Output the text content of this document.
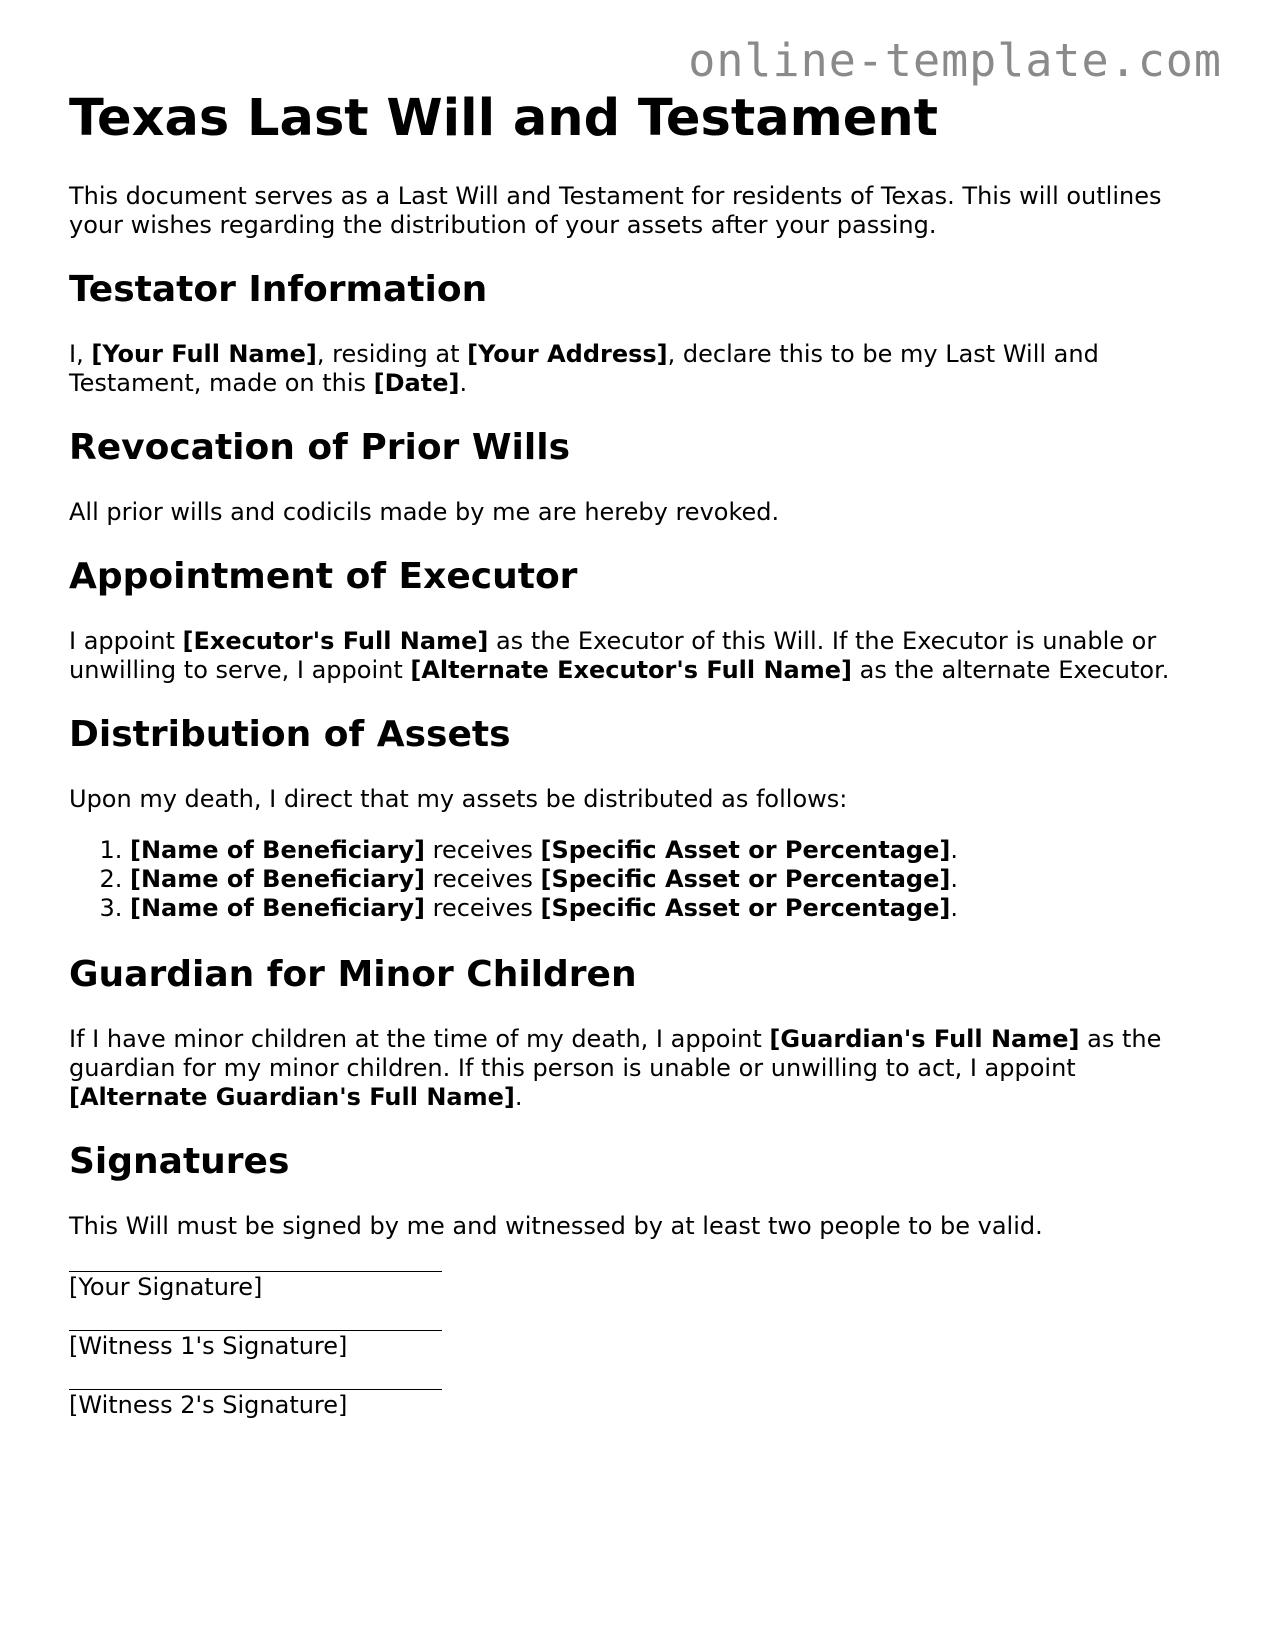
online-template.com
Texas Last Will and Testament

This document serves as a Last Will and Testament for residents of Texas. This will outlines your wishes regarding the distribution of your assets after your passing.

Testator Information

I, [Your Full Name], residing at [Your Address], declare this to be my Last Will and Testament, made on this [Date].

Revocation of Prior Wills

All prior wills and codicils made by me are hereby revoked.

Appointment of Executor

I appoint [Executor's Full Name] as the Executor of this Will. If the Executor is unable or unwilling to serve, I appoint [Alternate Executor's Full Name] as the alternate Executor.

Distribution of Assets

Upon my death, I direct that my assets be distributed as follows:

1. [Name of Beneficiary] receives [Specific Asset or Percentage].
2. [Name of Beneficiary] receives [Specific Asset or Percentage].
3. [Name of Beneficiary] receives [Specific Asset or Percentage].
Guardian for Minor Children

If I have minor children at the time of my death, I appoint [Guardian's Full Name] as the guardian for my minor children. If this person is unable or unwilling to act, I appoint [Alternate Guardian's Full Name].

Signatures

This Will must be signed by me and witnessed by at least two people to be valid.

[Your Signature]

[Witness 1's Signature]

[Witness 2's Signature]
